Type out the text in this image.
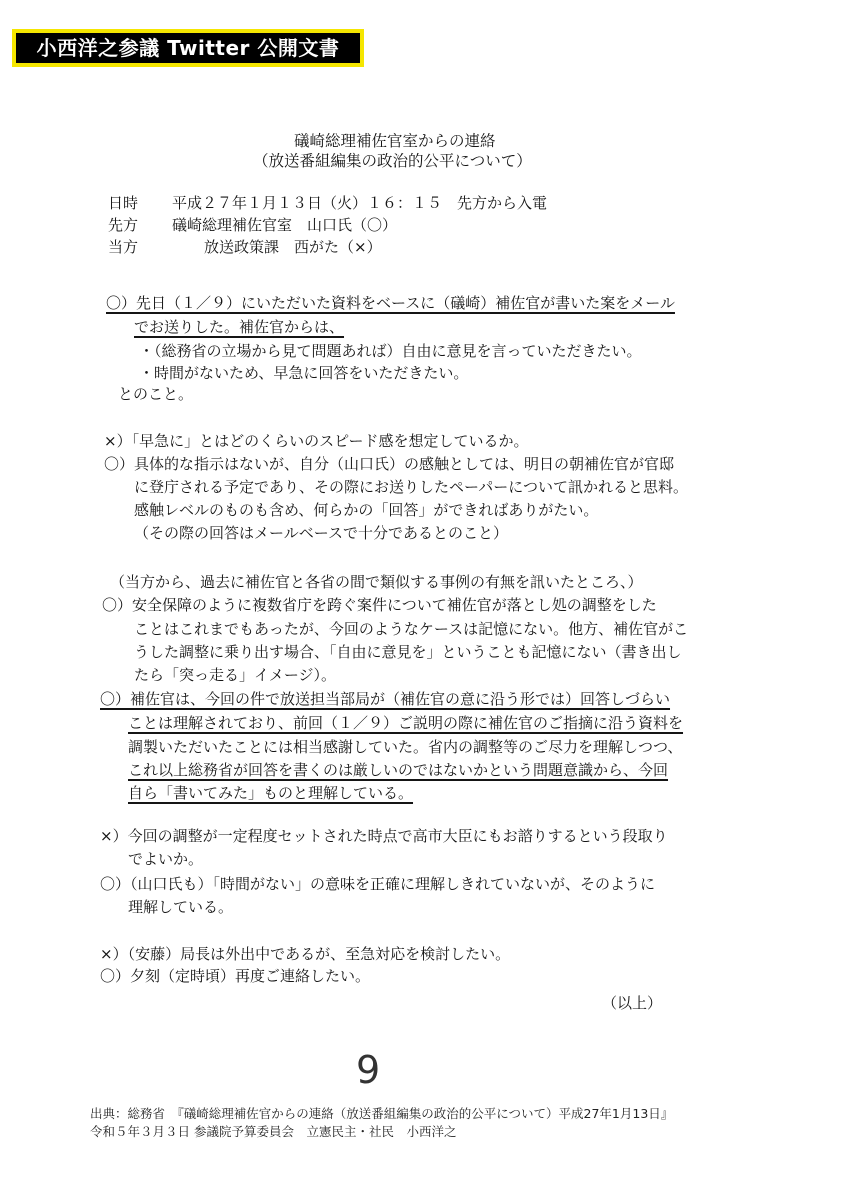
小西洋之参議 Twitter 公開文書
礒崎総理補佐官室からの連絡
（放送番組編集の政治的公平について）
日時 平成２７年１月１３日（火）１６：１５　先方から入電
先方 礒崎総理補佐官室　山口氏（〇）
当方	放送政策課　西がた（×）
〇）先日（１／９）にいただいた資料をベースに（礒崎）補佐官が書いた案をメール
でお送りした。補佐官からは、
・（総務省の立場から見て問題あれば）自由に意見を言っていただきたい。
・時間がないため、早急に回答をいただきたい。
とのこと。
×）「早急に」とはどのくらいのスピード感を想定しているか。
〇）具体的な指示はないが、自分（山口氏）の感触としては、明日の朝補佐官が官邸
に登庁される予定であり、その際にお送りしたペーパーについて訊かれると思料。
感触レベルのものも含め、何らかの「回答」ができればありがたい。
（その際の回答はメールベースで十分であるとのこと）
（当方から、過去に補佐官と各省の間で類似する事例の有無を訊いたところ、）
〇）安全保障のように複数省庁を跨ぐ案件について補佐官が落とし処の調整をした
ことはこれまでもあったが、今回のようなケースは記憶にない。他方、補佐官がこ
うした調整に乗り出す場合、「自由に意見を」ということも記憶にない（書き出し
たら「突っ走る」イメージ）。
〇）補佐官は、今回の件で放送担当部局が（補佐官の意に沿う形では）回答しづらい
ことは理解されており、前回（１／９）ご説明の際に補佐官のご指摘に沿う資料を
調製いただいたことには相当感謝していた。省内の調整等のご尽力を理解しつつ、
これ以上総務省が回答を書くのは厳しいのではないかという問題意識から、今回
自ら「書いてみた」ものと理解している。
×）今回の調整が一定程度セットされた時点で高市大臣にもお諮りするという段取り
でよいか。
〇）（山口氏も）「時間がない」の意味を正確に理解しきれていないが、そのように
理解している。
×）（安藤）局長は外出中であるが、至急対応を検討したい。
〇）夕刻（定時頃）再度ご連絡したい。
（以上）
9
出典：総務省　『礒崎総理補佐官からの連絡（放送番組編集の政治的公平について）平成27年1月13日』
令和５年３月３日 参議院予算委員会　立憲民主・社民　小西洋之
